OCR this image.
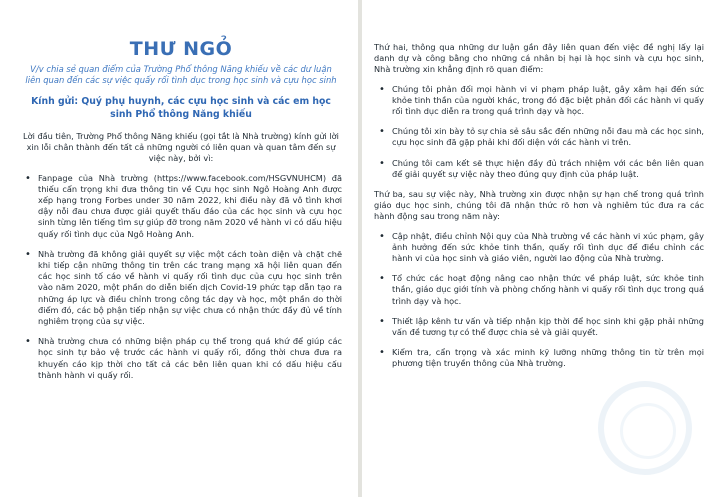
THƯ NGỎ
V/v chia sẻ quan điểm của Trường Phổ thông Năng khiếu về các dư luận liên quan đến các sự việc quấy rối tình dục trong học sinh và cựu học sinh
Kính gửi: Quý phụ huynh, các cựu học sinh và các em học sinh Phổ thông Năng khiếu
Lời đầu tiên, Trường Phổ thông Năng khiếu (gọi tắt là Nhà trường) kính gửi lời xin lỗi chân thành đến tất cả những người có liên quan và quan tâm đến sự việc này, bởi vì:
• Fanpage của Nhà trường (https://www.facebook.com/HSGVNUHCM) đã thiếu cẩn trọng khi đưa thông tin về Cựu học sinh Ngô Hoàng Anh được xếp hạng trong Forbes under 30 năm 2022, khi điều này đã vô tình khơi dậy nỗi đau chưa được giải quyết thấu đáo của các học sinh và cựu học sinh từng lên tiếng tìm sự giúp đỡ trong năm 2020 về hành vi có dấu hiệu quấy rối tình dục của Ngô Hoàng Anh.
• Nhà trường đã không giải quyết sự việc một cách toàn diện và chặt chẽ khi tiếp cận những thông tin trên các trang mạng xã hội liên quan đến các học sinh tố cáo về hành vi quấy rối tình dục của cựu học sinh trên vào năm 2020, một phần do diễn biến dịch Covid-19 phức tạp dẫn tạo ra những áp lực và điều chỉnh trong công tác dạy và học, một phần do thời điểm đó, các bộ phận tiếp nhận sự việc chưa có nhận thức đầy đủ về tính nghiêm trọng của sự việc.
• Nhà trường chưa có những biện pháp cụ thể trong quá khứ để giúp các học sinh tự bảo vệ trước các hành vi quấy rối, đồng thời chưa đưa ra khuyến cáo kịp thời cho tất cả các bên liên quan khi có dấu hiệu cấu thành hành vi quấy rối.
Thứ hai, thông qua những dư luận gần đây liên quan đến việc đề nghị lấy lại danh dự và công bằng cho những cá nhân bị hại là học sinh và cựu học sinh, Nhà trường xin khẳng định rõ quan điểm:
• Chúng tôi phản đối mọi hành vi vi phạm pháp luật, gây xâm hại đến sức khỏe tinh thần của người khác, trong đó đặc biệt phản đối các hành vi quấy rối tình dục diễn ra trong quá trình dạy và học.
• Chúng tôi xin bày tỏ sự chia sẻ sâu sắc đến những nỗi đau mà các học sinh, cựu học sinh đã gặp phải khi đối diện với các hành vi trên.
• Chúng tôi cam kết sẽ thực hiện đầy đủ trách nhiệm với các bên liên quan để giải quyết sự việc này theo đúng quy định của pháp luật.
Thứ ba, sau sự việc này, Nhà trường xin được nhận sự hạn chế trong quá trình giáo dục học sinh, chúng tôi đã nhận thức rõ hơn và nghiêm túc đưa ra các hành động sau trong năm này:
• Cập nhật, điều chỉnh Nội quy của Nhà trường về các hành vi xúc phạm, gây ảnh hưởng đến sức khỏe tinh thần, quấy rối tình dục để điều chỉnh các hành vi của học sinh và giáo viên, người lao động của Nhà trường.
• Tổ chức các hoạt động nâng cao nhận thức về pháp luật, sức khỏe tinh thần, giáo dục giới tính và phòng chống hành vi quấy rối tình dục trong quá trình dạy và học.
• Thiết lập kênh tư vấn và tiếp nhận kịp thời để học sinh khi gặp phải những vấn đề tương tự có thể được chia sẻ và giải quyết.
• Kiểm tra, cẩn trọng và xác minh kỹ lưỡng những thông tin từ trên mọi phương tiện truyền thông của Nhà trường.
